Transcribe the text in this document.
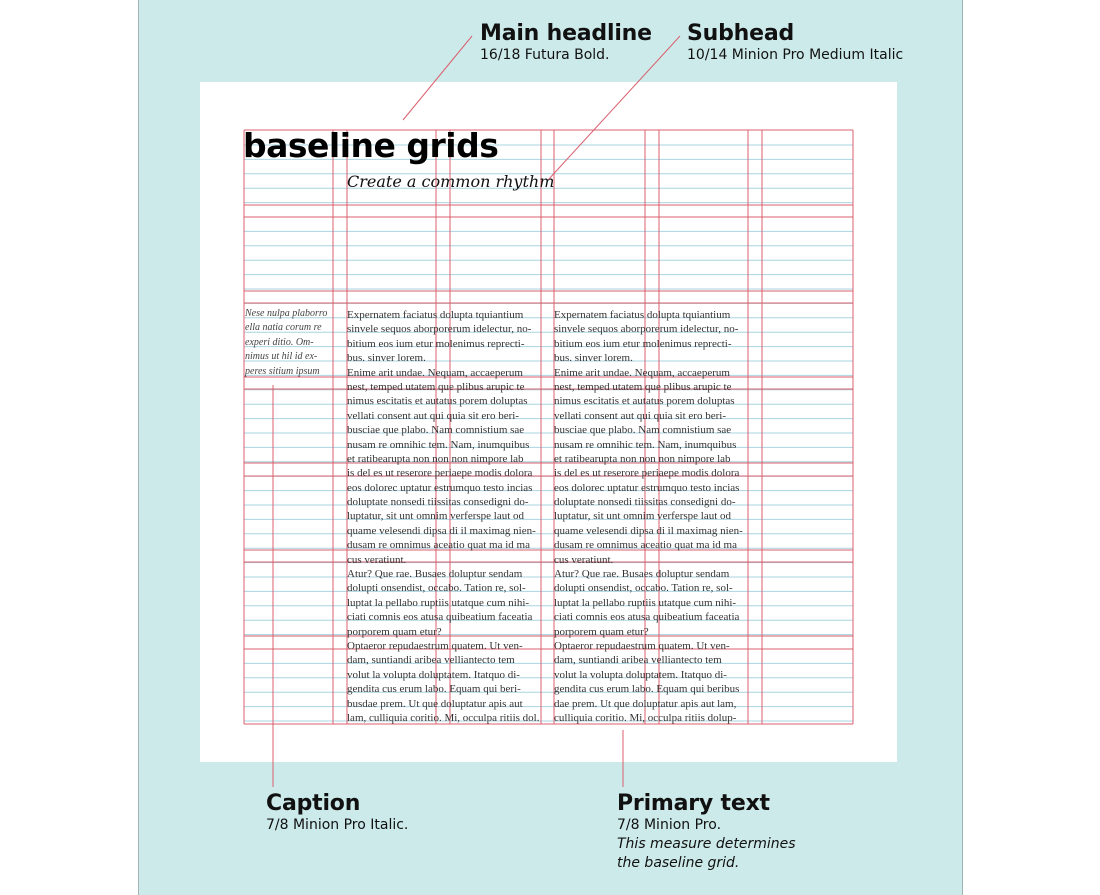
baseline grids
Create a common rhythm
Nese nulpa plaborro
ella natia corum re
experi ditio. Om-
nimus ut hil id ex-
peres sitium ipsum
Expernatem faciatus dolupta tquiantium
sinvele sequos aborporerum idelectur, no-
bitium eos ium etur molenimus reprecti-
bus. sinver lorem.
Enime arit undae. Nequam, accaeperum
nest, temped utatem que plibus arupic te
nimus escitatis et autatus porem doluptas
vellati consent aut qui quia sit ero beri-
busciae que plabo. Nam comnistium sae
nusam re omnihic tem. Nam, inumquibus
et ratibearupta non non non nimpore lab
is del es ut reserore periaepe modis dolora
eos dolorec uptatur estrumquo testo incias
doluptate nonsedi tiissitas consedigni do-
luptatur, sit unt omnim verferspe laut od
quame velesendi dipsa di il maximag nien-
dusam re omnimus aceatio quat ma id ma
cus veratiunt.
Atur? Que rae. Busaes doluptur sendam
dolupti onsendist, occabo. Tation re, sol-
luptat la pellabo ruptiis utatque cum nihi-
ciati comnis eos atusa quibeatium faceatia
porporem quam etur?
Optaeror repudaestrum quatem. Ut ven-
dam, suntiandi aribea velliantecto tem
volut la volupta doluptatem. Itatquo di-
gendita cus erum labo. Equam qui beri-
busdae prem. Ut que doluptatur apis aut
lam, culliquia coritio. Mi, occulpa ritiis dol.
Expernatem faciatus dolupta tquiantium
sinvele sequos aborporerum idelectur, no-
bitium eos ium etur molenimus reprecti-
bus. sinver lorem.
Enime arit undae. Nequam, accaeperum
nest, temped utatem que plibus arupic te
nimus escitatis et autatus porem doluptas
vellati consent aut qui quia sit ero beri-
busciae que plabo. Nam comnistium sae
nusam re omnihic tem. Nam, inumquibus
et ratibearupta non non non nimpore lab
is del es ut reserore periaepe modis dolora
eos dolorec uptatur estrumquo testo incias
doluptate nonsedi tiissitas consedigni do-
luptatur, sit unt omnim verferspe laut od
quame velesendi dipsa di il maximag nien-
dusam re omnimus aceatio quat ma id ma
cus veratiunt.
Atur? Que rae. Busaes doluptur sendam
dolupti onsendist, occabo. Tation re, sol-
luptat la pellabo ruptiis utatque cum nihi-
ciati comnis eos atusa quibeatium faceatia
porporem quam etur?
Optaeror repudaestrum quatem. Ut ven-
dam, suntiandi aribea velliantecto tem
volut la volupta doluptatem. Itatquo di-
gendita cus erum labo. Equam qui beribus
dae prem. Ut que doluptatur apis aut lam,
culliquia coritio. Mi, occulpa ritiis dolup-
Main headline
16/18 Futura Bold.
Subhead
10/14 Minion Pro Medium Italic
Caption
7/8 Minion Pro Italic.
Primary text
7/8 Minion Pro.
This measure determines
the baseline grid.
